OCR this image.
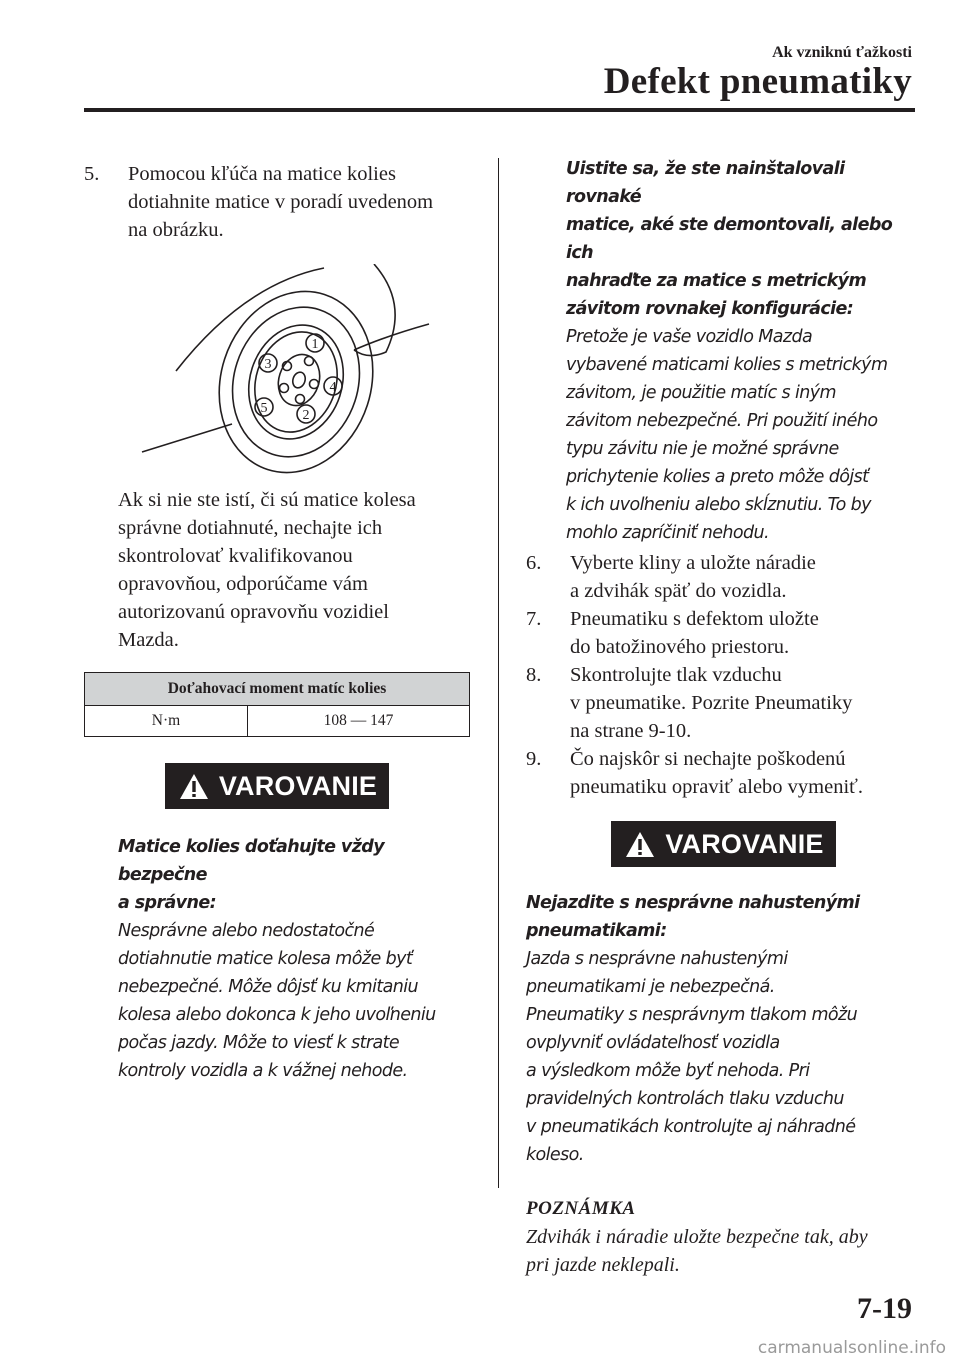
Ak vzniknú ťažkosti
Defekt pneumatiky
5. Pomocou kľúča na matice kolies
dotiahnite matice v poradí uvedenom
na obrázku.
1
2
3
4
5
Ak si nie ste istí, či sú matice kolesa
správne dotiahnuté, nechajte ich
skontrolovať kvalifikovanou
opravovňou, odporúčame vám
autorizovanú opravovňu vozidiel
Mazda.
Doťahovací moment matíc kolies
N·m	108 ― 147
VAROVANIE
Matice kolies doťahujte vždy bezpečne
a správne:
Nesprávne alebo nedostatočné
dotiahnutie matice kolesa môže byť
nebezpečné. Môže dôjsť ku kmitaniu
kolesa alebo dokonca k jeho uvoľneniu
počas jazdy. Môže to viesť k strate
kontroly vozidla a k vážnej nehode.
Uistite sa, že ste nainštalovali rovnaké
matice, aké ste demontovali, alebo ich
nahraďte za matice s metrickým
závitom rovnakej konfigurácie:
Pretože je vaše vozidlo Mazda
vybavené maticami kolies s metrickým
závitom, je použitie matíc s iným
závitom nebezpečné. Pri použití iného
typu závitu nie je možné správne
prichytenie kolies a preto môže dôjsť
k ich uvoľneniu alebo skĺznutiu. To by
mohlo zapríčiniť nehodu.
6. Vyberte kliny a uložte náradie
a zdvihák späť do vozidla.
7. Pneumatiku s defektom uložte
do batožinového priestoru.
8. Skontrolujte tlak vzduchu
v pneumatike. Pozrite Pneumatiky
na strane 9-10.
9. Čo najskôr si nechajte poškodenú
pneumatiku opraviť alebo vymeniť.
VAROVANIE
Nejazdite s nesprávne nahustenými
pneumatikami:
Jazda s nesprávne nahustenými
pneumatikami je nebezpečná.
Pneumatiky s nesprávnym tlakom môžu
ovplyvniť ovládateľnosť vozidla
a výsledkom môže byť nehoda. Pri
pravidelných kontrolách tlaku vzduchu
v pneumatikách kontrolujte aj náhradné
koleso.
POZNÁMKA
Zdvihák i náradie uložte bezpečne tak, aby
pri jazde neklepali.
7-19
carmanualsonline.info
